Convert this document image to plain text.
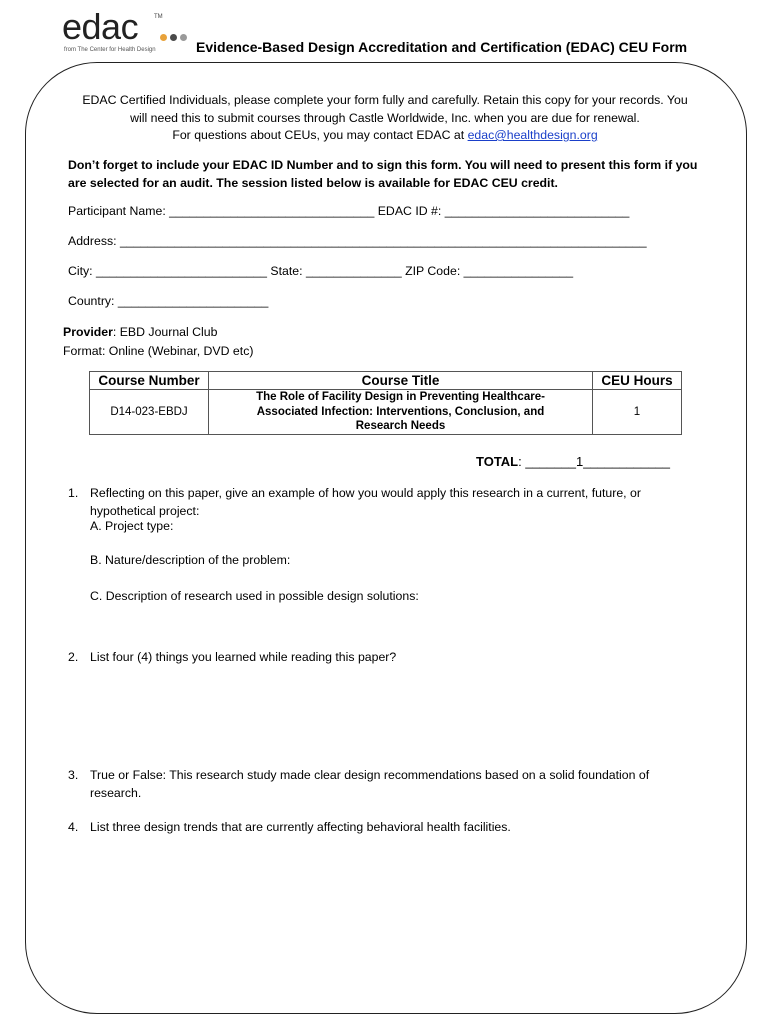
edac	TM
from The Center for Health Design	Evidence-Based Design Accreditation and Certification (EDAC) CEU Form
EDAC Certified Individuals, please complete your form fully and carefully. Retain this copy for your records. You
will need this to submit courses through Castle Worldwide, Inc. when you are due for renewal.
For questions about CEUs, you may contact EDAC at edac@healthdesign.org
Don’t forget to include your EDAC ID Number and to sign this form. You will need to present this form if you are selected for an audit. The session listed below is available for EDAC CEU credit.
Participant Name: ______________________________ EDAC ID #: ___________________________
Address: _____________________________________________________________________________
City: _________________________ State: ______________ ZIP Code: ________________
Country: ______________________
Provider: EBD Journal Club
Format: Online (Webinar, DVD etc)
Course Number	Course Title	CEU Hours
D14-023-EBDJ	The Role of Facility Design in Preventing Healthcare-Associated Infection: Interventions, Conclusion, and Research Needs	1
TOTAL: _______1____________
1. Reflecting on this paper, give an example of how you would apply this research in a current, future, or hypothetical project:
A. Project type:
B. Nature/description of the problem:
C. Description of research used in possible design solutions:
2. List four (4) things you learned while reading this paper?
3. True or False: This research study made clear design recommendations based on a solid foundation of research.
4. List three design trends that are currently affecting behavioral health facilities.
